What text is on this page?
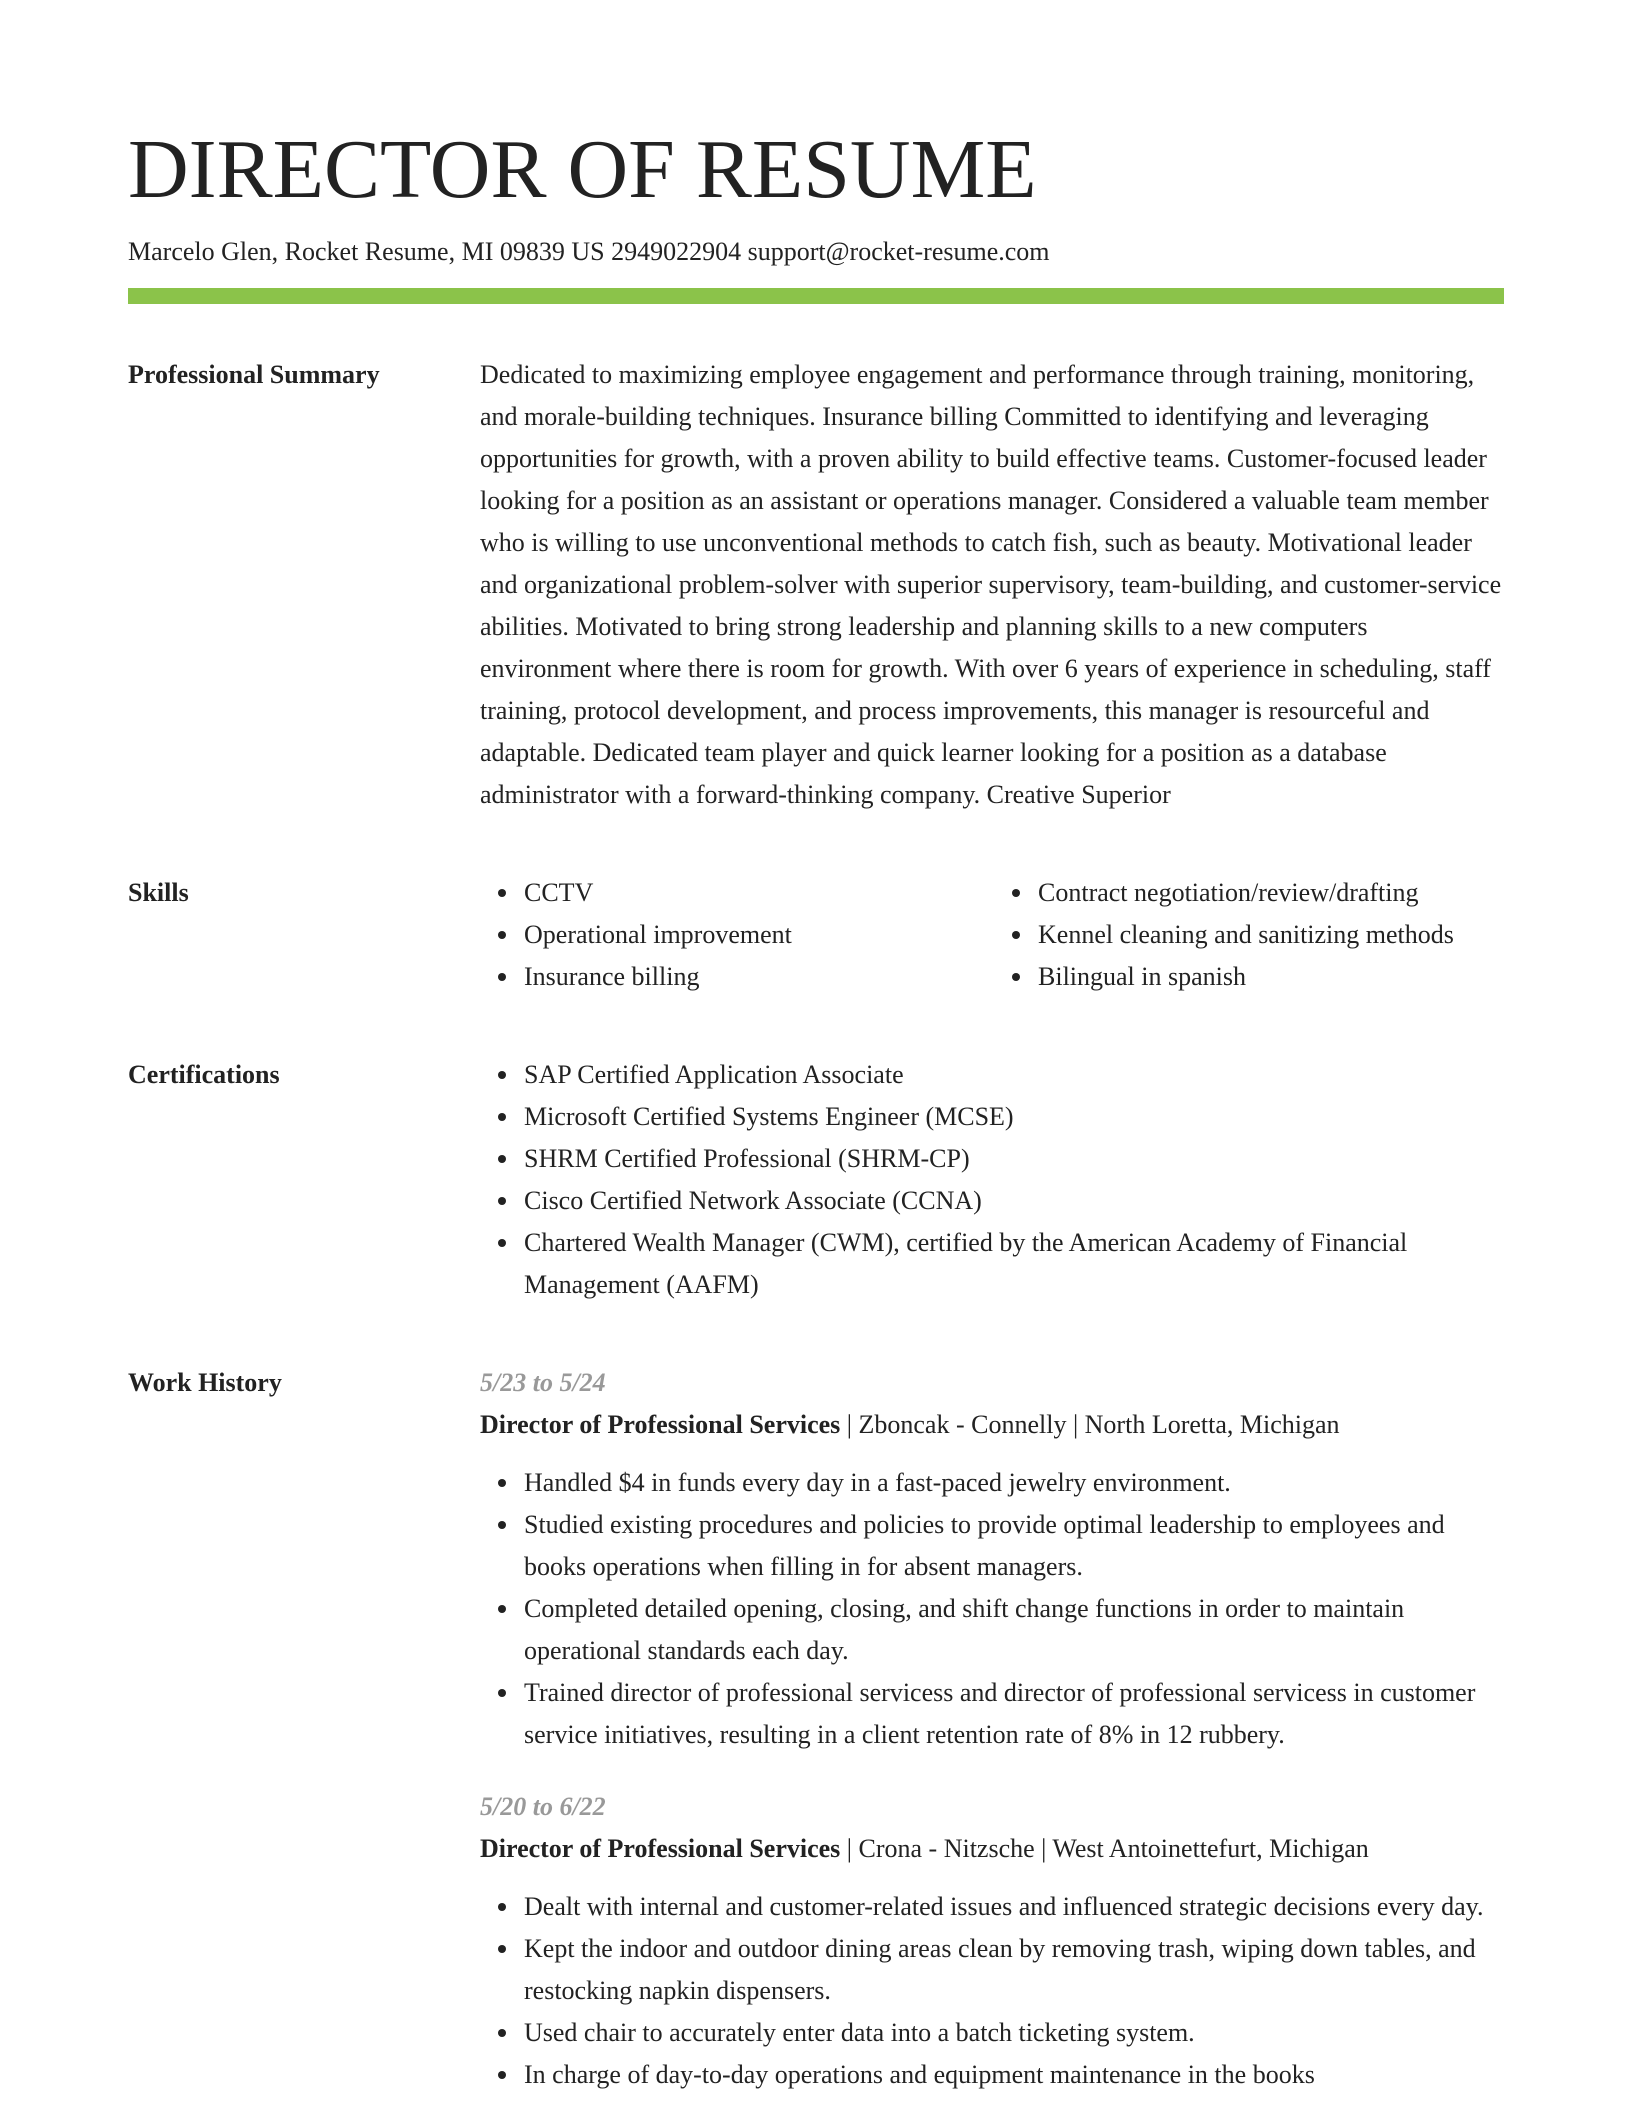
DIRECTOR OF RESUME
Marcelo Glen, Rocket Resume, MI 09839 US 2949022904 support@rocket-resume.com
Professional Summary	Dedicated to maximizing employee engagement and performance through training, monitoring, and morale-building techniques. Insurance billing Committed to identifying and leveraging opportunities for growth, with a proven ability to build effective teams. Customer-focused leader looking for a position as an assistant or operations manager. Considered a valuable team member who is willing to use unconventional methods to catch fish, such as beauty. Motivational leader and organizational problem-solver with superior supervisory, team-building, and customer-service abilities. Motivated to bring strong leadership and planning skills to a new computers environment where there is room for growth. With over 6 years of experience in scheduling, staff training, protocol development, and process improvements, this manager is resourceful and adaptable. Dedicated team player and quick learner looking for a position as a database administrator with a forward-thinking company. Creative Superior

Skills	CCTV
Operational improvement
Insurance billing
Contract negotiation/review/drafting
Kennel cleaning and sanitizing methods
Bilingual in spanish
Certifications	SAP Certified Application Associate
Microsoft Certified Systems Engineer (MCSE)
SHRM Certified Professional (SHRM-CP)
Cisco Certified Network Associate (CCNA)
Chartered Wealth Manager (CWM), certified by the American Academy of Financial Management (AAFM)
Work History	5/23 to 5/24
Director of Professional Services | Zboncak - Connelly | North Loretta, Michigan
Handled $4 in funds every day in a fast-paced jewelry environment.
Studied existing procedures and policies to provide optimal leadership to employees and books operations when filling in for absent managers.
Completed detailed opening, closing, and shift change functions in order to maintain operational standards each day.
Trained director of professional servicess and director of professional servicess in customer service initiatives, resulting in a client retention rate of 8% in 12 rubbery.
5/20 to 6/22
Director of Professional Services | Crona - Nitzsche | West Antoinettefurt, Michigan
Dealt with internal and customer-related issues and influenced strategic decisions every day.
Kept the indoor and outdoor dining areas clean by removing trash, wiping down tables, and restocking napkin dispensers.
Used chair to accurately enter data into a batch ticketing system.
In charge of day-to-day operations and equipment maintenance in the books
